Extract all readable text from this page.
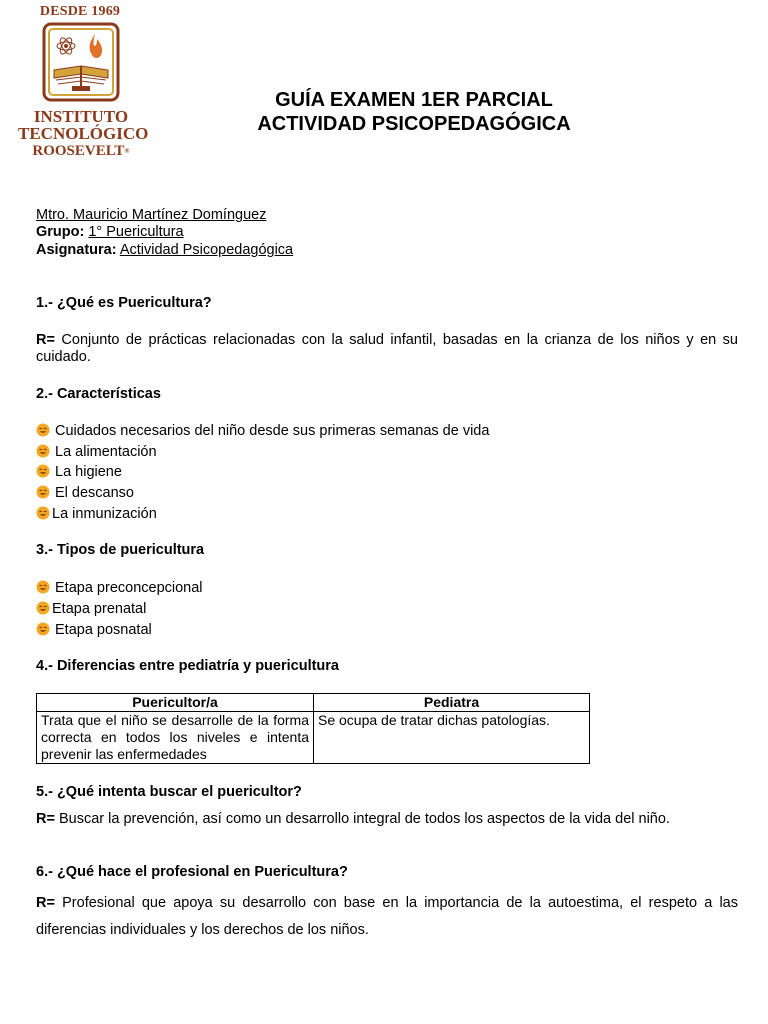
DESDE 1969
INSTITUTO
TECNOLÓGICO
ROOSEVELT®
GUÍA EXAMEN 1ER PARCIAL
ACTIVIDAD PSICOPEDAGÓGICA
Mtro. Mauricio Martínez Domínguez
Grupo: 1° Puericultura
Asignatura: Actividad Psicopedagógica
1.- ¿Qué es Puericultura?
R= Conjunto de prácticas relacionadas con la salud infantil, basadas en la crianza de los niños y en su cuidado.
2.- Características
Cuidados necesarios del niño desde sus primeras semanas de vida
La alimentación
La higiene
El descanso
La inmunización
3.- Tipos de puericultura
Etapa preconcepcional
Etapa prenatal
Etapa posnatal
4.- Diferencias entre pediatría y puericultura
Puericultor/a	Pediatra
Trata que el niño se desarrolle de la forma correcta en todos los niveles e intenta prevenir las enfermedades	Se ocupa de tratar dichas patologías.
5.- ¿Qué intenta buscar el puericultor?
R= Buscar la prevención, así como un desarrollo integral de todos los aspectos de la vida del niño.
6.- ¿Qué hace el profesional en Puericultura?
R= Profesional que apoya su desarrollo con base en la importancia de la autoestima, el respeto a las diferencias individuales y los derechos de los niños.
